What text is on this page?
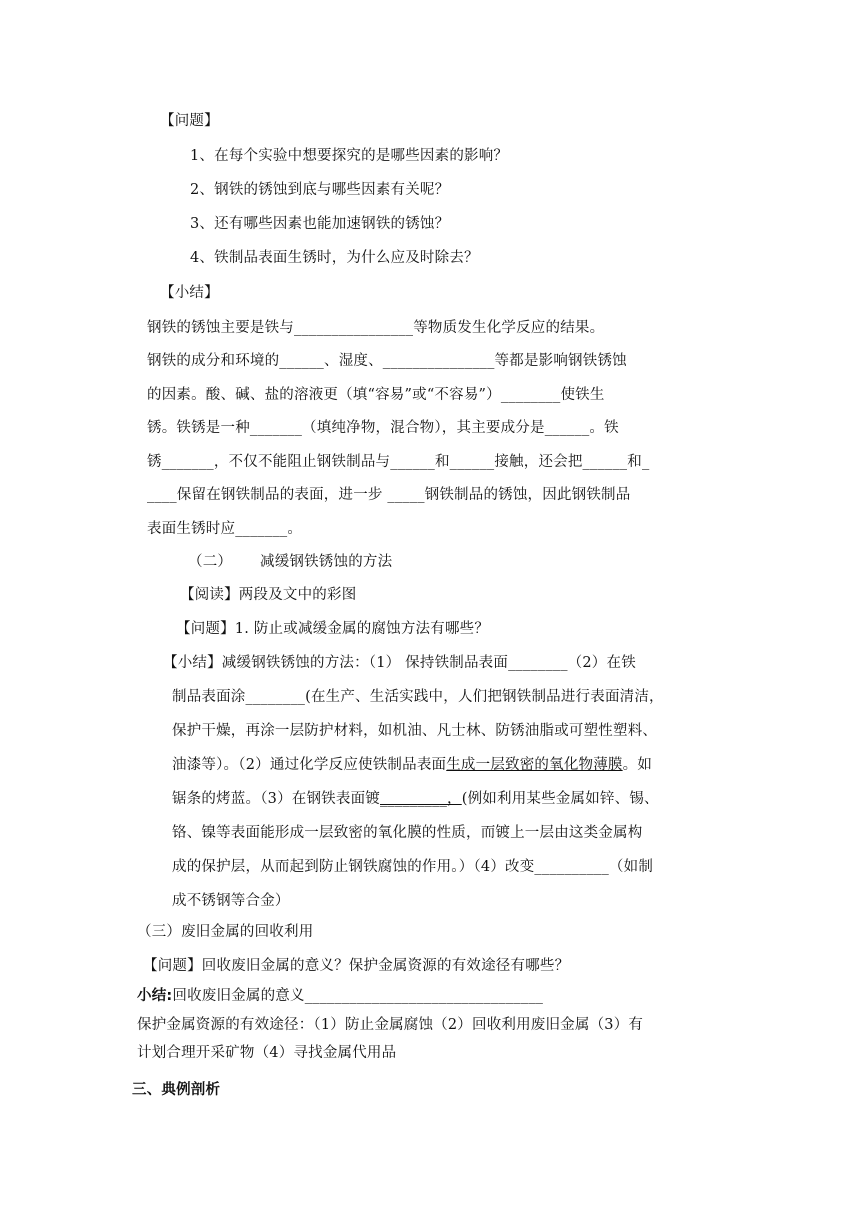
【问题】
1、在每个实验中想要探究的是哪些因素的影响？
2、钢铁的锈蚀到底与哪些因素有关呢？
3、还有哪些因素也能加速钢铁的锈蚀？
4、铁制品表面生锈时，为什么应及时除去？
【小结】
钢铁的锈蚀主要是铁与________________等物质发生化学反应的结果。
钢铁的成分和环境的______、湿度、_______________等都是影响钢铁锈蚀
的因素。酸、碱、盐的溶液更（填“容易”或“不容易”）________使铁生
锈。铁锈是一种_______（填纯净物，混合物），其主要成分是______。铁
锈_______，不仅不能阻止钢铁制品与______和______接触，还会把______和_
____保留在钢铁制品的表面，进一步 _____钢铁制品的锈蚀，因此钢铁制品
表面生锈时应_______。
（二） 减缓钢铁锈蚀的方法
【阅读】两段及文中的彩图
【问题】1. 防止或减缓金属的腐蚀方法有哪些？
【小结】减缓钢铁锈蚀的方法：（1） 保持铁制品表面________（2）在铁
制品表面涂________(在生产、生活实践中，人们把钢铁制品进行表面清洁，
保护干燥，再涂一层防护材料，如机油、凡士林、防锈油脂或可塑性塑料、
油漆等）。（2）通过化学反应使铁制品表面生成一层致密的氧化物薄膜。如
锯条的烤蓝。（3）在钢铁表面镀_________，(例如利用某些金属如锌、锡、
铬、镍等表面能形成一层致密的氧化膜的性质，而镀上一层由这类金属构
成的保护层，从而起到防止钢铁腐蚀的作用。）（4）改变__________（如制
成不锈钢等合金）
（三）废旧金属的回收利用
【问题】回收废旧金属的意义？保护金属资源的有效途径有哪些？
小结:回收废旧金属的意义________________________________
保护金属资源的有效途径：（1）防止金属腐蚀（2）回收利用废旧金属（3）有
计划合理开采矿物（4）寻找金属代用品
三、典例剖析
